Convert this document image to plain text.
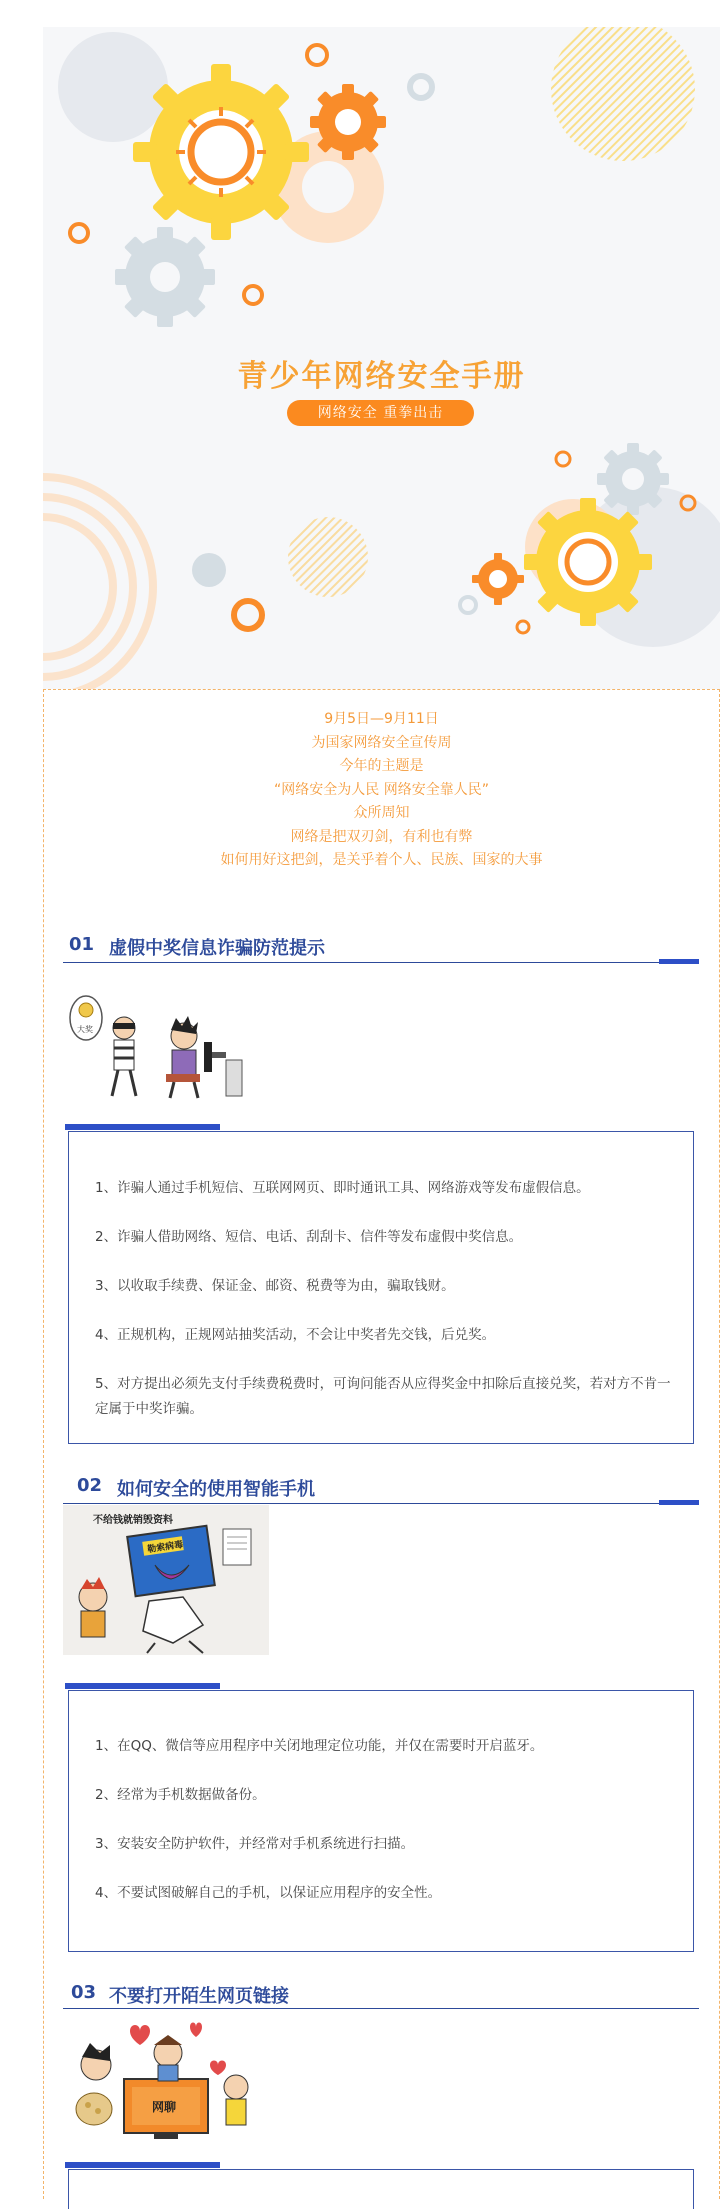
青少年网络安全手册
网络安全 重拳出击
9月5日—9月11日
为国家网络安全宣传周
今年的主题是
“网络安全为人民 网络安全靠人民”
众所周知
网络是把双刃剑，有利也有弊
如何用好这把剑，是关乎着个人、民族、国家的大事
01 虚假中奖信息诈骗防范提示
大奖
1、诈骗人通过手机短信、互联网网页、即时通讯工具、网络游戏等发布虚假信息。
2、诈骗人借助网络、短信、电话、刮刮卡、信件等发布虚假中奖信息。
3、以收取手续费、保证金、邮资、税费等为由，骗取钱财。
4、正规机构，正规网站抽奖活动，不会让中奖者先交钱，后兑奖。
5、对方提出必须先支付手续费税费时，可询问能否从应得奖金中扣除后直接兑奖，若对方不肯一定属于中奖诈骗。
02 如何安全的使用智能手机
不给钱就销毁资料
勒索病毒
1、在QQ、微信等应用程序中关闭地理定位功能，并仅在需要时开启蓝牙。
2、经常为手机数据做备份。
3、安装安全防护软件，并经常对手机系统进行扫描。
4、不要试图破解自己的手机，以保证应用程序的安全性。
03 不要打开陌生网页链接
网聊
